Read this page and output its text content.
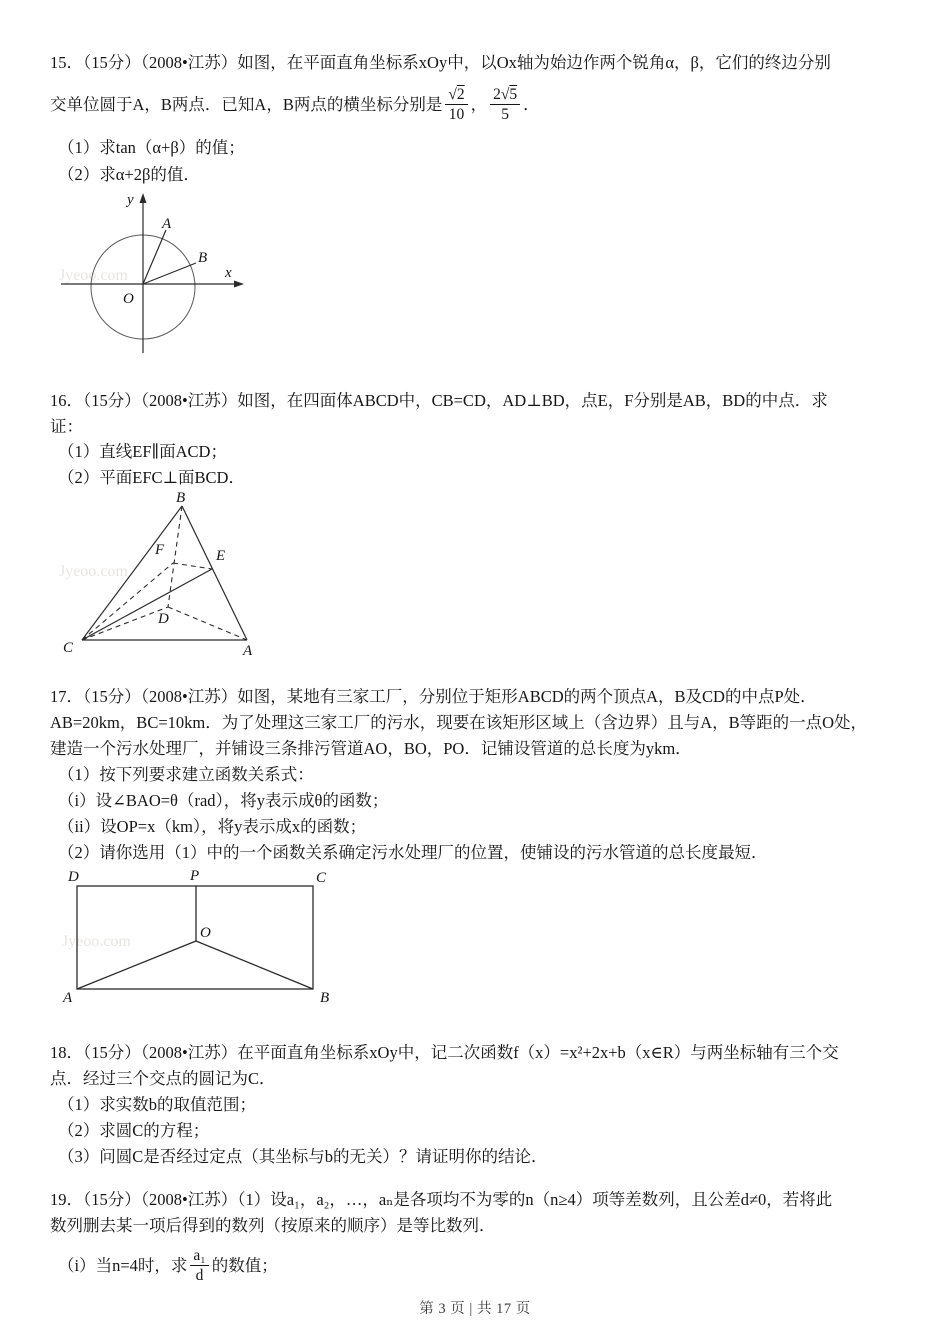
15．（15分）（2008•江苏）如图，在平面直角坐标系xOy中，以Ox轴为始边作两个锐角α，β，它们的终边分别
交单位圆于A，B两点．已知A，B两点的横坐标分别是 $\frac{√2}{10}$ ， $\frac{2√5}{5}$ ．
（1）求tan（α+β）的值；
（2）求α+2β的值．
Jyeoo.com
y
x
O
A
B
16．（15分）（2008•江苏）如图，在四面体ABCD中，CB=CD，AD⊥BD，点E，F分别是AB，BD的中点．求
证：
（1）直线EF∥面ACD；
（2）平面EFC⊥面BCD．
Jyeoo.com
B
C	A
D
F	E
17．（15分）（2008•江苏）如图，某地有三家工厂，分别位于矩形ABCD的两个顶点A，B及CD的中点P处．
AB=20km，BC=10km．为了处理这三家工厂的污水，现要在该矩形区域上（含边界）且与A，B等距的一点O处，
建造一个污水处理厂，并铺设三条排污管道AO，BO，PO．记铺设管道的总长度为ykm．
（1）按下列要求建立函数关系式：
（i）设∠BAO=θ（rad），将y表示成θ的函数；
（ii）设OP=x（km），将y表示成x的函数；
（2）请你选用（1）中的一个函数关系确定污水处理厂的位置，使铺设的污水管道的总长度最短．
Jyeoo.com
D	P	C
A	B
O
18．（15分）（2008•江苏）在平面直角坐标系xOy中，记二次函数f（x）=x²+2x+b（x∈R）与两坐标轴有三个交
点．经过三个交点的圆记为C．
（1）求实数b的取值范围；
（2）求圆C的方程；
（3）问圆C是否经过定点（其坐标与b的无关）？请证明你的结论．
19．（15分）（2008•江苏）（1）设a₁，a₂，…，aₙ是各项均不为零的n（n≥4）项等差数列，且公差d≠0，若将此
数列删去某一项后得到的数列（按原来的顺序）是等比数列．
（i）当n=4时，求 $\frac{\text{a₁}}{d}$ 的数值；
第 3 页 | 共 17 页
